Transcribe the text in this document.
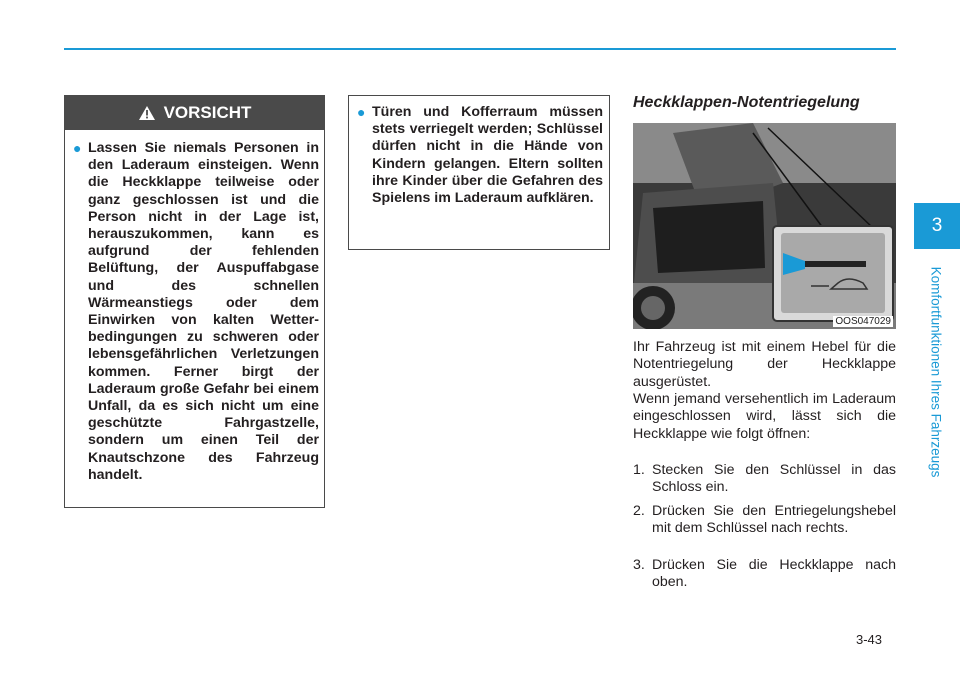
VORSICHT

● Lassen Sie niemals Personen in den Laderaum einsteigen. Wenn die Heckklappe teilweise oder ganz geschlossen ist und die Person nicht in der Lage ist, herauszukommen, kann es aufgrund der fehlenden Belüftung, der Auspuffabgase und des schnellen Wärmeanstiegs oder dem Einwirken von kalten Wetter-bedingungen zu schweren oder lebensgefährlichen Verletzungen kommen. Ferner birgt der Laderaum große Gefahr bei einem Unfall, da es sich nicht um eine geschützte Fahrgastzelle, sondern um einen Teil der Knautschzone des Fahrzeug handelt.

● Türen und Kofferraum müssen stets verriegelt werden; Schlüssel dürfen nicht in die Hände von Kindern gelangen. Eltern sollten ihre Kinder über die Gefahren des Spielens im Laderaum aufklären.

Heckklappen-Notentriegelung
OOS047029

Ihr Fahrzeug ist mit einem Hebel für die Notentriegelung der Heckklappe ausgerüstet.

Wenn jemand versehentlich im Laderaum eingeschlossen wird, lässt sich die Heckklappe wie folgt öffnen:

1. Stecken Sie den Schlüssel in das Schloss ein.
2. Drücken Sie den Entriegelungshebel mit dem Schlüssel nach rechts.
3. Drücken Sie die Heckklappe nach oben.
3-43
3
Komfortfunktionen Ihres Fahrzeugs
